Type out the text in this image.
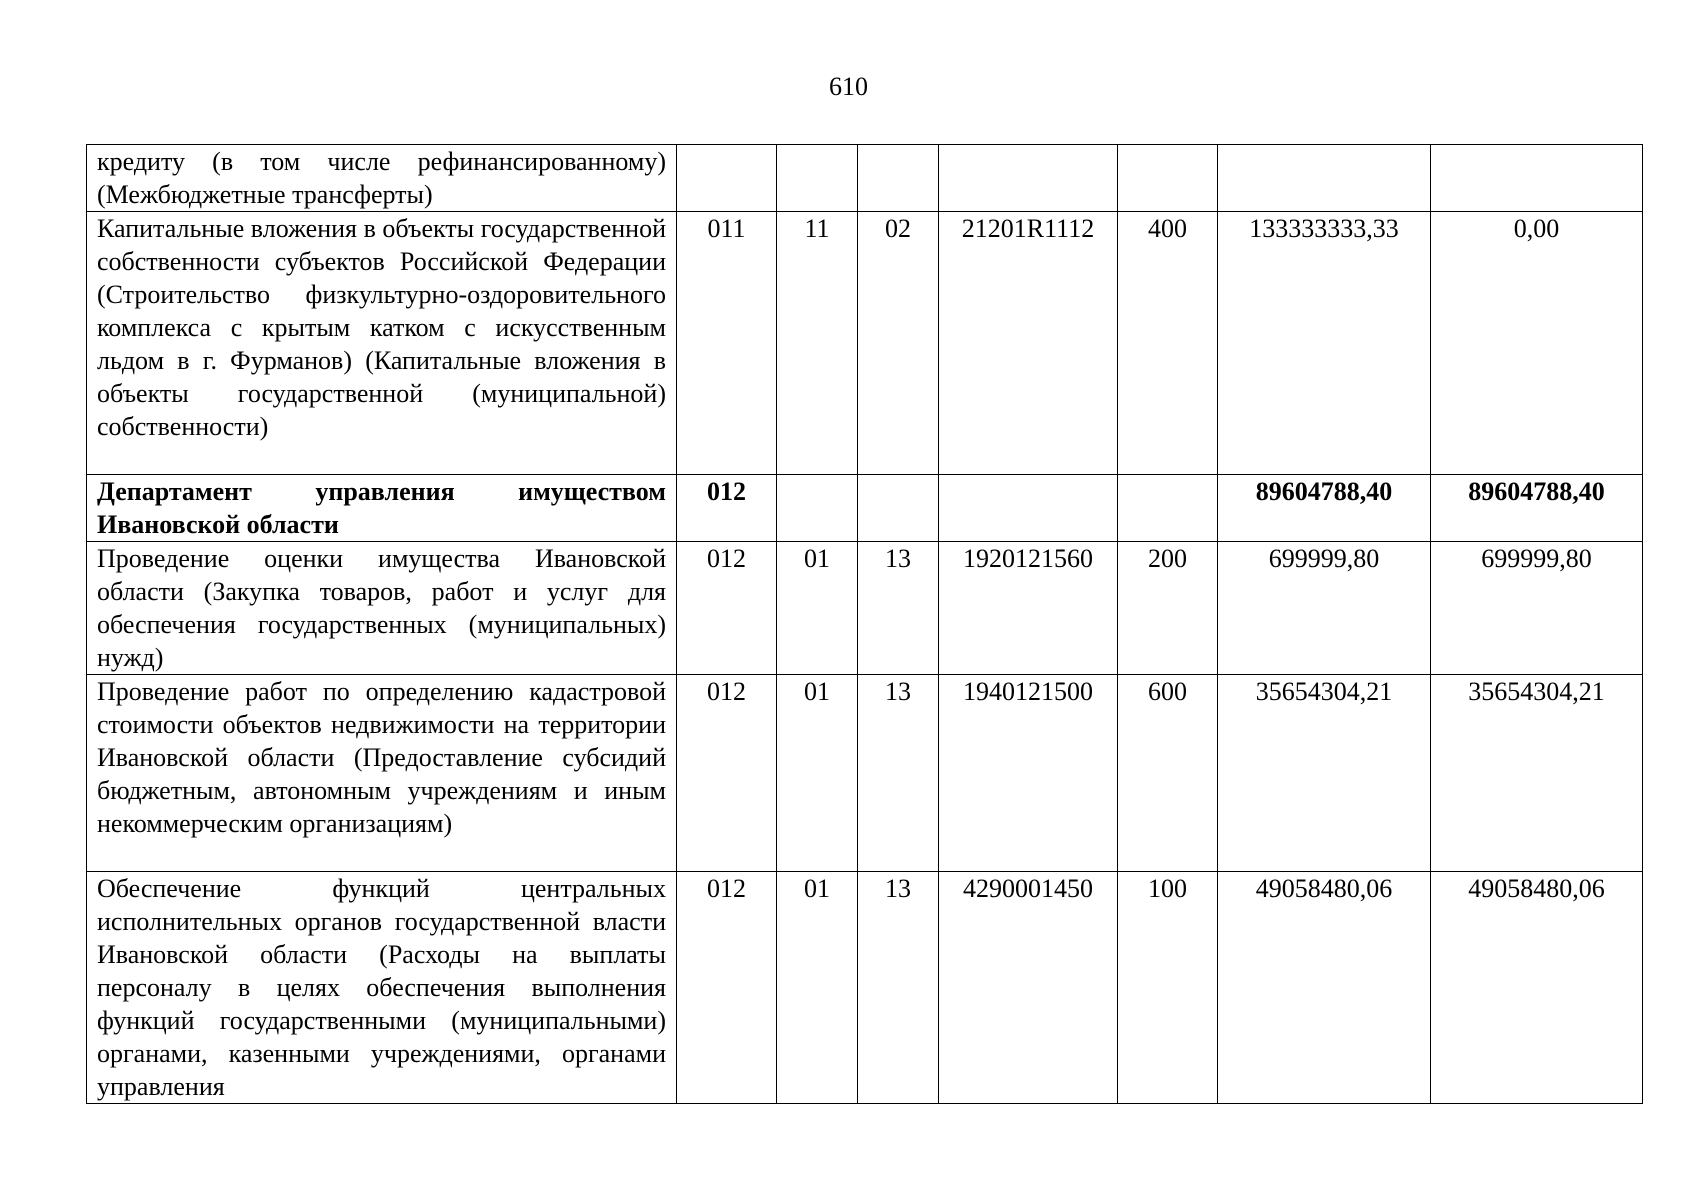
610
кредиту (в том числе рефинансированному) (Межбюджетные трансферты)							
Капитальные вложения в объекты государственной собственности субъектов Российской Федерации (Строительство физкультурно-оздоровительного комплекса с крытым катком с искусственным льдом в г. Фурманов) (Капитальные вложения в объекты государственной (муниципальной) собственности)	011	11	02	21201R1112	400	133333333,33	0,00
Департамент управления имуществом Ивановской области	012					89604788,40	89604788,40
Проведение оценки имущества Ивановской области (Закупка товаров, работ и услуг для обеспечения государственных (муниципальных) нужд)	012	01	13	1920121560	200	699999,80	699999,80
Проведение работ по определению кадастровой стоимости объектов недвижимости на территории Ивановской области (Предоставление субсидий бюджетным, автономным учреждениям и иным некоммерческим организациям)	012	01	13	1940121500	600	35654304,21	35654304,21
Обеспечение функций центральных исполнительных органов государственной власти Ивановской области (Расходы на выплаты персоналу в целях обеспечения выполнения функций государственными (муниципальными) органами, казенными учреждениями, органами управления	012	01	13	4290001450	100	49058480,06	49058480,06
